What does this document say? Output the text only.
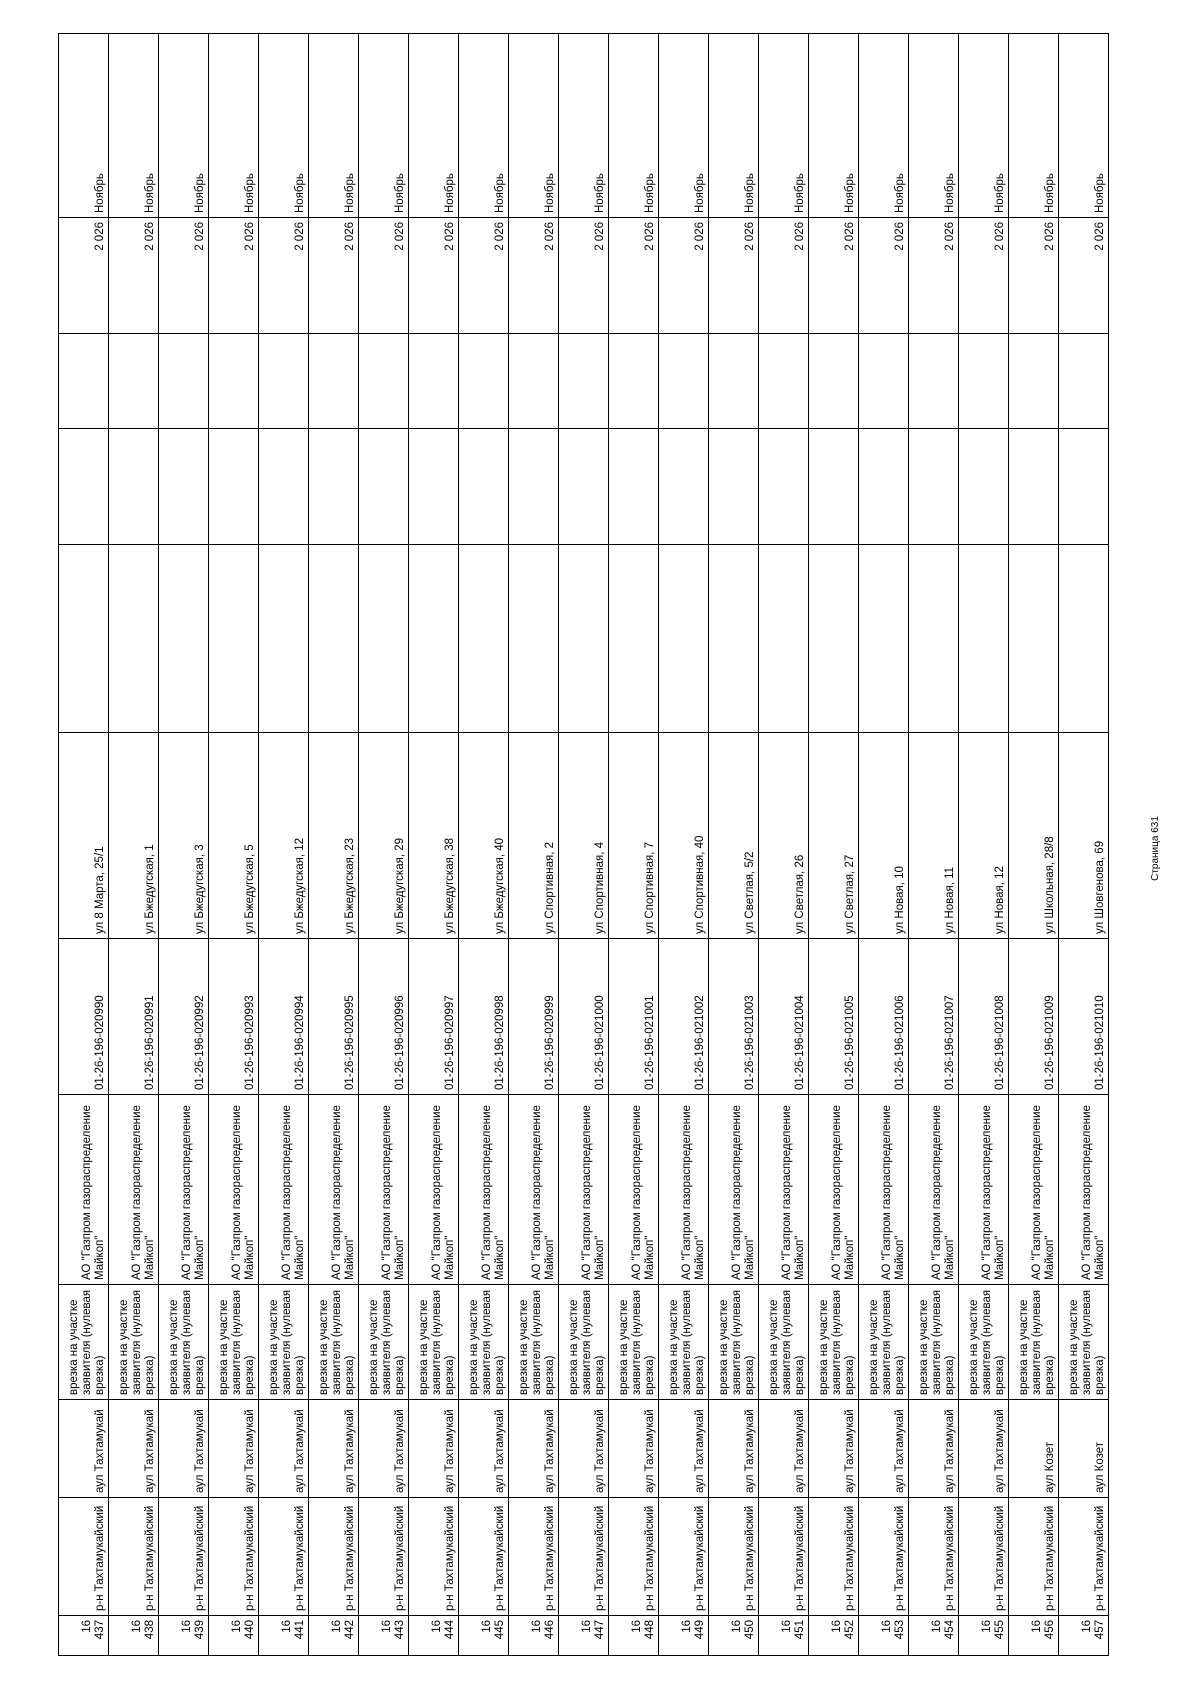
16 437	р-н Тахтамукайский	аул Тахтамукай	врезка на участке заявителя (нулевая врезка)	АО "Газпром газораспределение Майкоп"	01-26-196-020990	ул 8 Марта, 25/1				2 026	Ноябрь
16 438	р-н Тахтамукайский	аул Тахтамукай	врезка на участке заявителя (нулевая врезка)	АО "Газпром газораспределение Майкоп"	01-26-196-020991	ул Бжедугская, 1				2 026	Ноябрь
16 439	р-н Тахтамукайский	аул Тахтамукай	врезка на участке заявителя (нулевая врезка)	АО "Газпром газораспределение Майкоп"	01-26-196-020992	ул Бжедугская, 3				2 026	Ноябрь
16 440	р-н Тахтамукайский	аул Тахтамукай	врезка на участке заявителя (нулевая врезка)	АО "Газпром газораспределение Майкоп"	01-26-196-020993	ул Бжедугская, 5				2 026	Ноябрь
16 441	р-н Тахтамукайский	аул Тахтамукай	врезка на участке заявителя (нулевая врезка)	АО "Газпром газораспределение Майкоп"	01-26-196-020994	ул Бжедугская, 12				2 026	Ноябрь
16 442	р-н Тахтамукайский	аул Тахтамукай	врезка на участке заявителя (нулевая врезка)	АО "Газпром газораспределение Майкоп"	01-26-196-020995	ул Бжедугская, 23				2 026	Ноябрь
16 443	р-н Тахтамукайский	аул Тахтамукай	врезка на участке заявителя (нулевая врезка)	АО "Газпром газораспределение Майкоп"	01-26-196-020996	ул Бжедугская, 29				2 026	Ноябрь
16 444	р-н Тахтамукайский	аул Тахтамукай	врезка на участке заявителя (нулевая врезка)	АО "Газпром газораспределение Майкоп"	01-26-196-020997	ул Бжедугская, 38				2 026	Ноябрь
16 445	р-н Тахтамукайский	аул Тахтамукай	врезка на участке заявителя (нулевая врезка)	АО "Газпром газораспределение Майкоп"	01-26-196-020998	ул Бжедугская, 40				2 026	Ноябрь
16 446	р-н Тахтамукайский	аул Тахтамукай	врезка на участке заявителя (нулевая врезка)	АО "Газпром газораспределение Майкоп"	01-26-196-020999	ул Спортивная, 2				2 026	Ноябрь
16 447	р-н Тахтамукайский	аул Тахтамукай	врезка на участке заявителя (нулевая врезка)	АО "Газпром газораспределение Майкоп"	01-26-196-021000	ул Спортивная, 4				2 026	Ноябрь
16 448	р-н Тахтамукайский	аул Тахтамукай	врезка на участке заявителя (нулевая врезка)	АО "Газпром газораспределение Майкоп"	01-26-196-021001	ул Спортивная, 7				2 026	Ноябрь
16 449	р-н Тахтамукайский	аул Тахтамукай	врезка на участке заявителя (нулевая врезка)	АО "Газпром газораспределение Майкоп"	01-26-196-021002	ул Спортивная, 40				2 026	Ноябрь
16 450	р-н Тахтамукайский	аул Тахтамукай	врезка на участке заявителя (нулевая врезка)	АО "Газпром газораспределение Майкоп"	01-26-196-021003	ул Светлая, 5/2				2 026	Ноябрь
16 451	р-н Тахтамукайский	аул Тахтамукай	врезка на участке заявителя (нулевая врезка)	АО "Газпром газораспределение Майкоп"	01-26-196-021004	ул Светлая, 26				2 026	Ноябрь
16 452	р-н Тахтамукайский	аул Тахтамукай	врезка на участке заявителя (нулевая врезка)	АО "Газпром газораспределение Майкоп"	01-26-196-021005	ул Светлая, 27				2 026	Ноябрь
16 453	р-н Тахтамукайский	аул Тахтамукай	врезка на участке заявителя (нулевая врезка)	АО "Газпром газораспределение Майкоп"	01-26-196-021006	ул Новая, 10				2 026	Ноябрь
16 454	р-н Тахтамукайский	аул Тахтамукай	врезка на участке заявителя (нулевая врезка)	АО "Газпром газораспределение Майкоп"	01-26-196-021007	ул Новая, 11				2 026	Ноябрь
16 455	р-н Тахтамукайский	аул Тахтамукай	врезка на участке заявителя (нулевая врезка)	АО "Газпром газораспределение Майкоп"	01-26-196-021008	ул Новая, 12				2 026	Ноябрь
16 456	р-н Тахтамукайский	аул Козет	врезка на участке заявителя (нулевая врезка)	АО "Газпром газораспределение Майкоп"	01-26-196-021009	ул Школьная, 28/8				2 026	Ноябрь
16 457	р-н Тахтамукайский	аул Козет	врезка на участке заявителя (нулевая врезка)	АО "Газпром газораспределение Майкоп"	01-26-196-021010	ул Шовгенова, 69				2 026	Ноябрь
Страница 631
